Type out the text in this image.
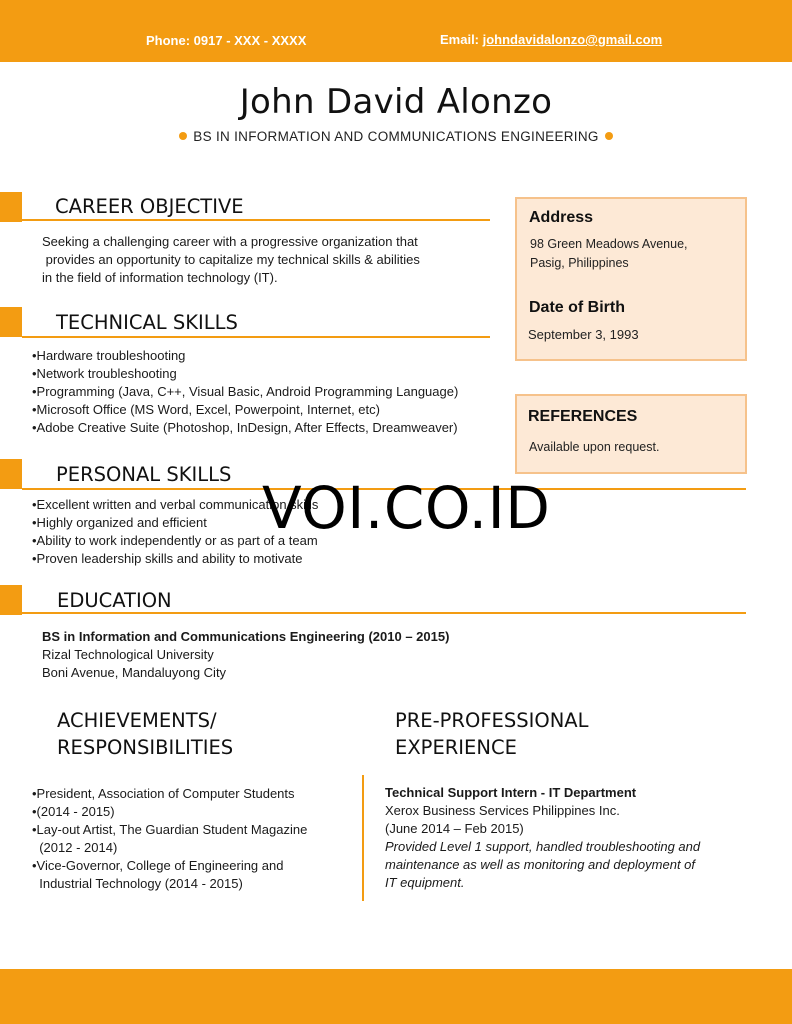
Phone: 0917 - XXX - XXXX	Email: johndavidalonzo@gmail.com
John David Alonzo
BS IN INFORMATION AND COMMUNICATIONS ENGINEERING
CAREER OBJECTIVE
Seeking a challenging career with a progressive organization that
provides an opportunity to capitalize my technical skills & abilities
in the field of information technology (IT).
TECHNICAL SKILLS
•Hardware troubleshooting
•Network troubleshooting
•Programming (Java, C++, Visual Basic, Android Programming Language)
•Microsoft Office (MS Word, Excel, Powerpoint, Internet, etc)
•Adobe Creative Suite (Photoshop, InDesign, After Effects, Dreamweaver)
PERSONAL SKILLS
•Excellent written and verbal communication skills
•Highly organized and efficient
•Ability to work independently or as part of a team
•Proven leadership skills and ability to motivate
EDUCATION
BS in Information and Communications Engineering (2010 – 2015)
Rizal Technological University
Boni Avenue, Mandaluyong City
ACHIEVEMENTS/
RESPONSIBILITIES
•President, Association of Computer Students
•(2014 - 2015)
•Lay-out Artist, The Guardian Student Magazine
(2012 - 2014)
•Vice-Governor, College of Engineering and
Industrial Technology (2014 - 2015)
PRE-PROFESSIONAL
EXPERIENCE
Technical Support Intern - IT Department
Xerox Business Services Philippines Inc.
(June 2014 – Feb 2015)
Provided Level 1 support, handled troubleshooting and
maintenance as well as monitoring and deployment of
IT equipment.
Address
98 Green Meadows Avenue,
Pasig, Philippines
Date of Birth
September 3, 1993
REFERENCES
Available upon request.
VOI.CO.ID
